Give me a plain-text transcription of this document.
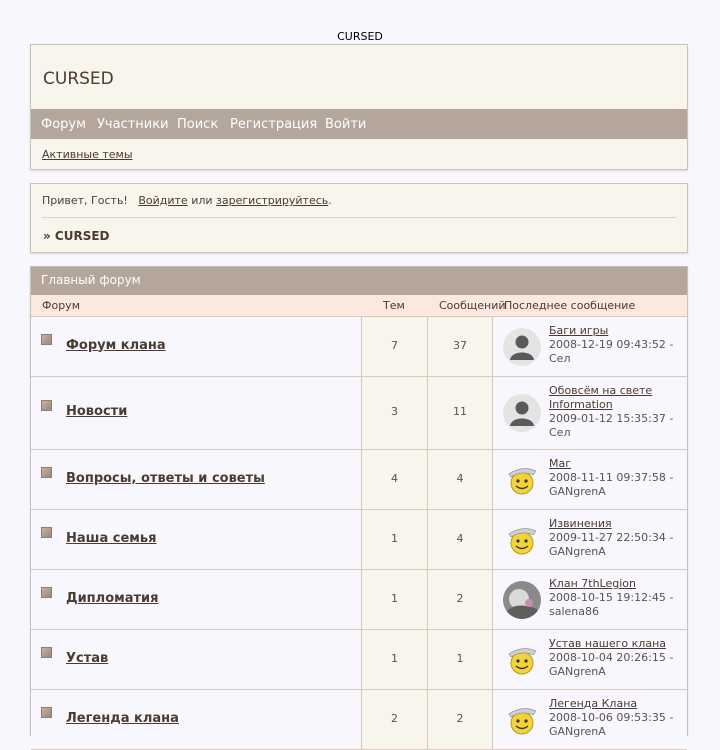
CURSED
CURSED
Форум Участники Поиск Регистрация Войти
Активные темы
Привет, Гость! Войдите или зарегистрируйтесь.
» CURSED
Главный форум
Форум	Тем	Сообщений
Последнее сообщение
Форум клана	7	37
Баги игры
2008-12-19 09:43:52 -
Сел
Новости	3	11
Обовсём на свете Information
2009-01-12 15:35:37 -
Сел
Вопросы, ответы и советы	4	4
Маг
2008-11-11 09:37:58 -
GANgrenA
Наша семья	1	4
Извинения
2009-11-27 22:50:34 -
GANgrenA
Дипломатия	1	2
Клан 7thLegion
2008-10-15 19:12:45 -
salena86
Устав	1	1
Устав нашего клана
2008-10-04 20:26:15 -
GANgrenA
Легенда клана	2	2
Легенда Клана
2008-10-06 09:53:35 -
GANgrenA
